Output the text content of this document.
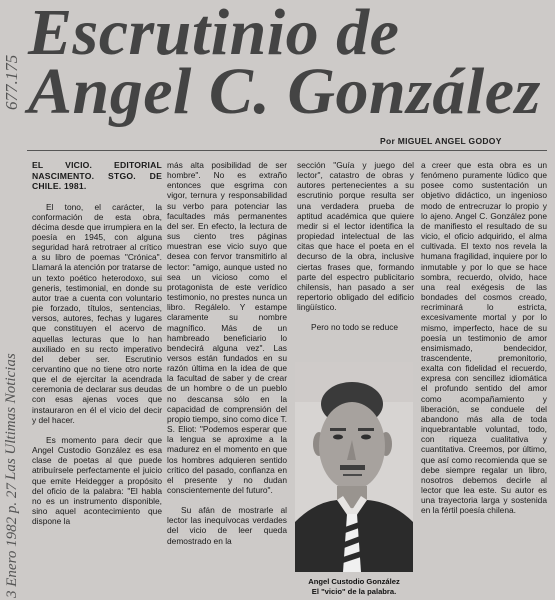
677.175
Las Ultimas Noticias
3 Enero 1982 p. 27
Escrutinio de
Angel C. González
Por MIGUEL ANGEL GODOY

EL VICIO. EDITORIAL NASCIMENTO. STGO. DE CHILE. 1981.

El tono, el carácter, la conformación de esta obra, décima desde que irrumpiera en la poesía en 1945, con alguna seguridad hará retrotraer al crítico a su libro de poemas "Crónica". Llamará la atención por tratarse de un texto poético heterodoxo, sui generis, testimonial, en donde su autor trae a cuenta con voluntario pie forzado, títulos, sentencias, versos, autores, fechas y lugares que constituyen el acervo de aquellas lecturas que lo han auxiliado en su recto imperativo del deber ser. Escrutinio cervantino que no tiene otro norte que el de ejercitar la acendrada ceremonia de declarar sus deudas con esas ajenas voces que instauraron en él el vicio del decir y del hacer.

Es momento para decir que Angel Custodio González es esa clase de poetas al que puede atribuírsele perfectamente el juicio que emite Heidegger a propósito del oficio de la palabra: "El habla no es un instrumento disponible, sino aquel acontecimiento que dispone la

más alta posibilidad de ser hombre". No es extraño entonces que esgrima con vigor, ternura y responsabilidad su verbo para potenciar las facultades más permanentes del ser. En efecto, la lectura de sus ciento tres páginas muestran ese vicio suyo que desea con fervor transmitirlo al lector: "amigo, aunque usted no sea un vicioso como el protagonista de este verídico testimonio, no prestes nunca un libro. Regálelo. Y estampe claramente su nombre magnífico. Más de un hambreado beneficiario lo bendecirá alguna vez". Las versos están fundados en su razón última en la idea de que la facultad de saber y de crear de un hombre o de un pueblo no descansa sólo en la capacidad de comprensión del propio tiempo, sino como dice T. S. Eliot: "Podemos esperar que la lengua se aproxime a la madurez en el momento en que los hombres adquieren sentido crítico del pasado, confianza en el presente y no dudan conscientemente del futuro".

Su afán de mostrarle al lector las inequívocas verdades del vicio de leer queda demostrado en la

sección "Guía y juego del lector", catastro de obras y autores pertenecientes a su escrutinio porque resulta ser una verdadera prueba de aptitud académica que quiere medir si el lector identifica la propiedad intelectual de las citas que hace el poeta en el decurso de la obra, inclusive ciertas frases que, formando parte del espectro publicitario chilensis, han pasado a ser repertorio obligado del edificio lingüístico.

Pero no todo se reduce

Angel Custodio González
El "vicio" de la palabra.

a creer que esta obra es un fenómeno puramente lúdico que posee como sustentación un objetivo didáctico, un ingenioso modo de entrecruzar lo propio y lo ajeno. Angel C. González pone de manifiesto el resultado de su vicio, el oficio adquirido, el alma cultivada. El texto nos revela la humana fragilidad, inquiere por lo inmutable y por lo que se hace sombra, recuerdo, olvido, hace una real exégesis de las bondades del cosmos creado, recriminará lo estricta, excesivamente mortal y por lo mismo, imperfecto, hace de su poesía un testimonio de amor ensimismado, bendecidor, trascendente, premonitorio, exalta con fidelidad el recuerdo, expresa con sencillez idiomática el profundo sentido del amor como acompañamiento y liberación, se conduele del abandono más alla de toda inquebrantable voluntad, todo, con riqueza cualitativa y cuantitativa. Creemos, por último, que así como recomienda que se debe siempre regalar un libro, nosotros debemos decirle al lector que lea este. Su autor es una trayectoria larga y sostenida en la fértil poesía chilena.
